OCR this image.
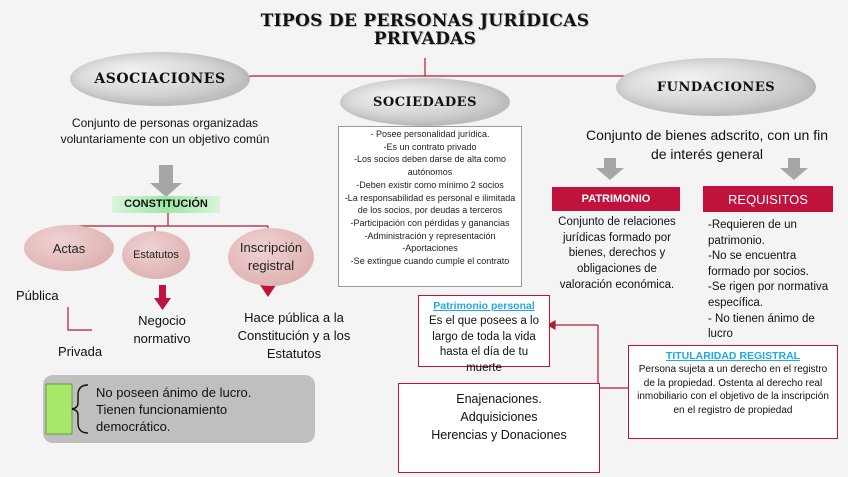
TIPOS DE PERSONAS JURÍDICAS
PRIVADAS
ASOCIACIONES
Conjunto de personas organizadas voluntariamente con un objetivo común
CONSTITUCIÓN
Actas	Estatutos	Inscripción registral
Pública
Privada
Negocio normativo
Hace pública a la Constitución y a los Estatutos
No poseen ánimo de lucro.
Tienen funcionamiento democrático.
SOCIEDADES
- Posee personalidad jurídica.
-Es un contrato privado
-Los socios deben darse de alta como autónomos
-Deben existir como mínimo 2 socios
-La responsabilidad es personal e ilimitada de los socios, por deudas a terceros
-Participación con pérdidas y ganancias
-Administración y representación
-Aportaciones
-Se extingue cuando cumple el contrato
FUNDACIONES
Conjunto de bienes adscrito, con un fin de interés general
PATRIMONIO	REQUISITOS
Conjunto de relaciones jurídicas formado por bienes, derechos y obligaciones de valoración económica.
-Requieren de un patrimonio.
-No se encuentra formado por socios.
-Se rigen por normativa específica.
- No tienen ánimo de lucro
Patrimonio personal
Es el que posees a lo largo de toda la vida hasta el día de tu muerte
Enajenaciones.
Adquisiciones
Herencias y Donaciones
TITULARIDAD REGISTRAL
Persona sujeta a un derecho en el registro de la propiedad. Ostenta al derecho real inmobiliario con el objetivo de la inscripción en el registro de propiedad
